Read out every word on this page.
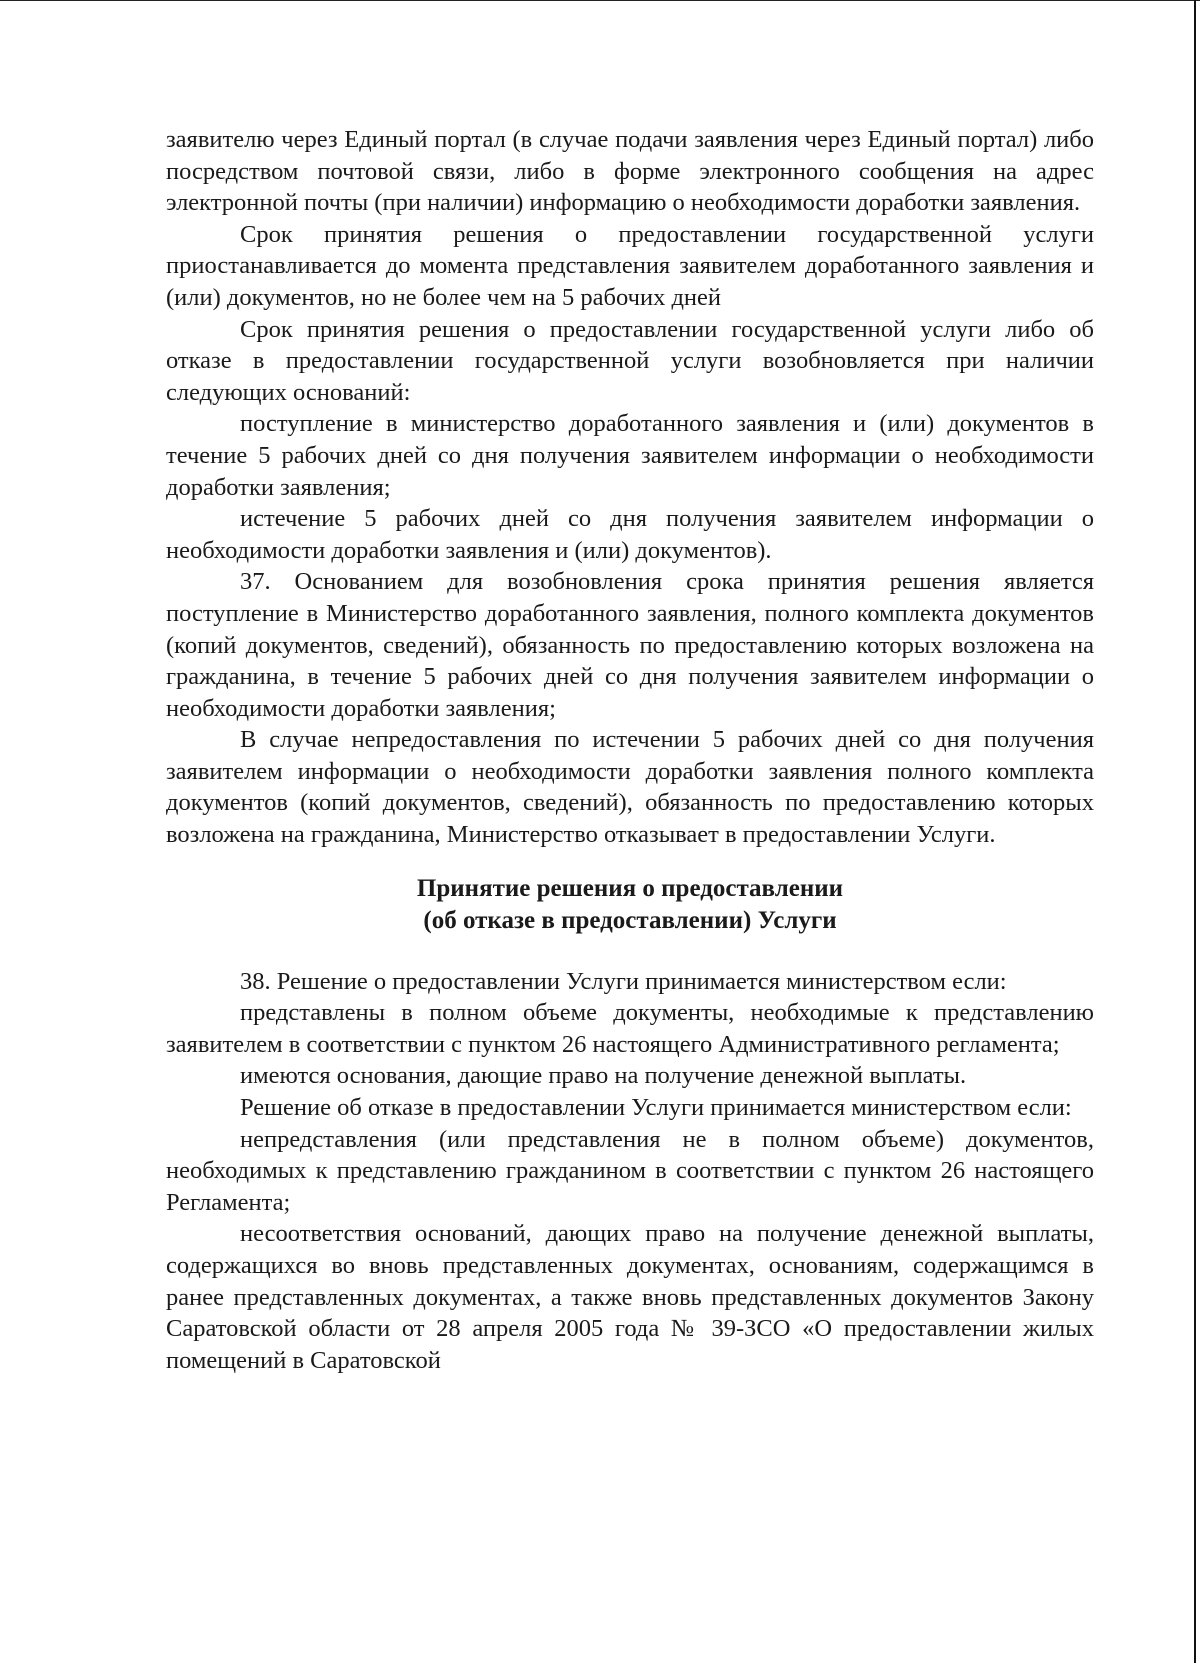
заявителю через Единый портал (в случае подачи заявления через Единый портал) либо посредством почтовой связи, либо в форме электронного сообщения на адрес электронной почты (при наличии) информацию о необходимости доработки заявления.

Срок принятия решения о предоставлении государственной услуги приостанавливается до момента представления заявителем доработанного заявления и (или) документов, но не более чем на 5 рабочих дней

Срок принятия решения о предоставлении государственной услуги либо об отказе в предоставлении государственной услуги возобновляется при наличии следующих оснований:

поступление в министерство доработанного заявления и (или) документов в течение 5 рабочих дней со дня получения заявителем информации о необходимости доработки заявления;

истечение 5 рабочих дней со дня получения заявителем информации о необходимости доработки заявления и (или) документов).

37. Основанием для возобновления срока принятия решения является поступление в Министерство доработанного заявления, полного комплекта документов (копий документов, сведений), обязанность по предоставлению которых возложена на гражданина, в течение 5 рабочих дней со дня получения заявителем информации о необходимости доработки заявления;

В случае непредоставления по истечении 5 рабочих дней со дня получения заявителем информации о необходимости доработки заявления полного комплекта документов (копий документов, сведений), обязанность по предоставлению которых возложена на гражданина, Министерство отказывает в предоставлении Услуги.

Принятие решения о предоставлении
(об отказе в предоставлении) Услуги

38. Решение о предоставлении Услуги принимается министерством если:

представлены в полном объеме документы, необходимые к представлению заявителем в соответствии с пунктом 26 настоящего Административного регламента;

имеются основания, дающие право на получение денежной выплаты.

Решение об отказе в предоставлении Услуги принимается министерством если:

непредставления (или представления не в полном объеме) документов, необходимых к представлению гражданином в соответствии с пунктом 26 настоящего Регламента;

несоответствия оснований, дающих право на получение денежной выплаты, содержащихся во вновь представленных документах, основаниям, содержащимся в ранее представленных документах, а также вновь представленных документов Закону Саратовской области от 28 апреля 2005 года № 39-ЗСО «О предоставлении жилых помещений в Саратовской
